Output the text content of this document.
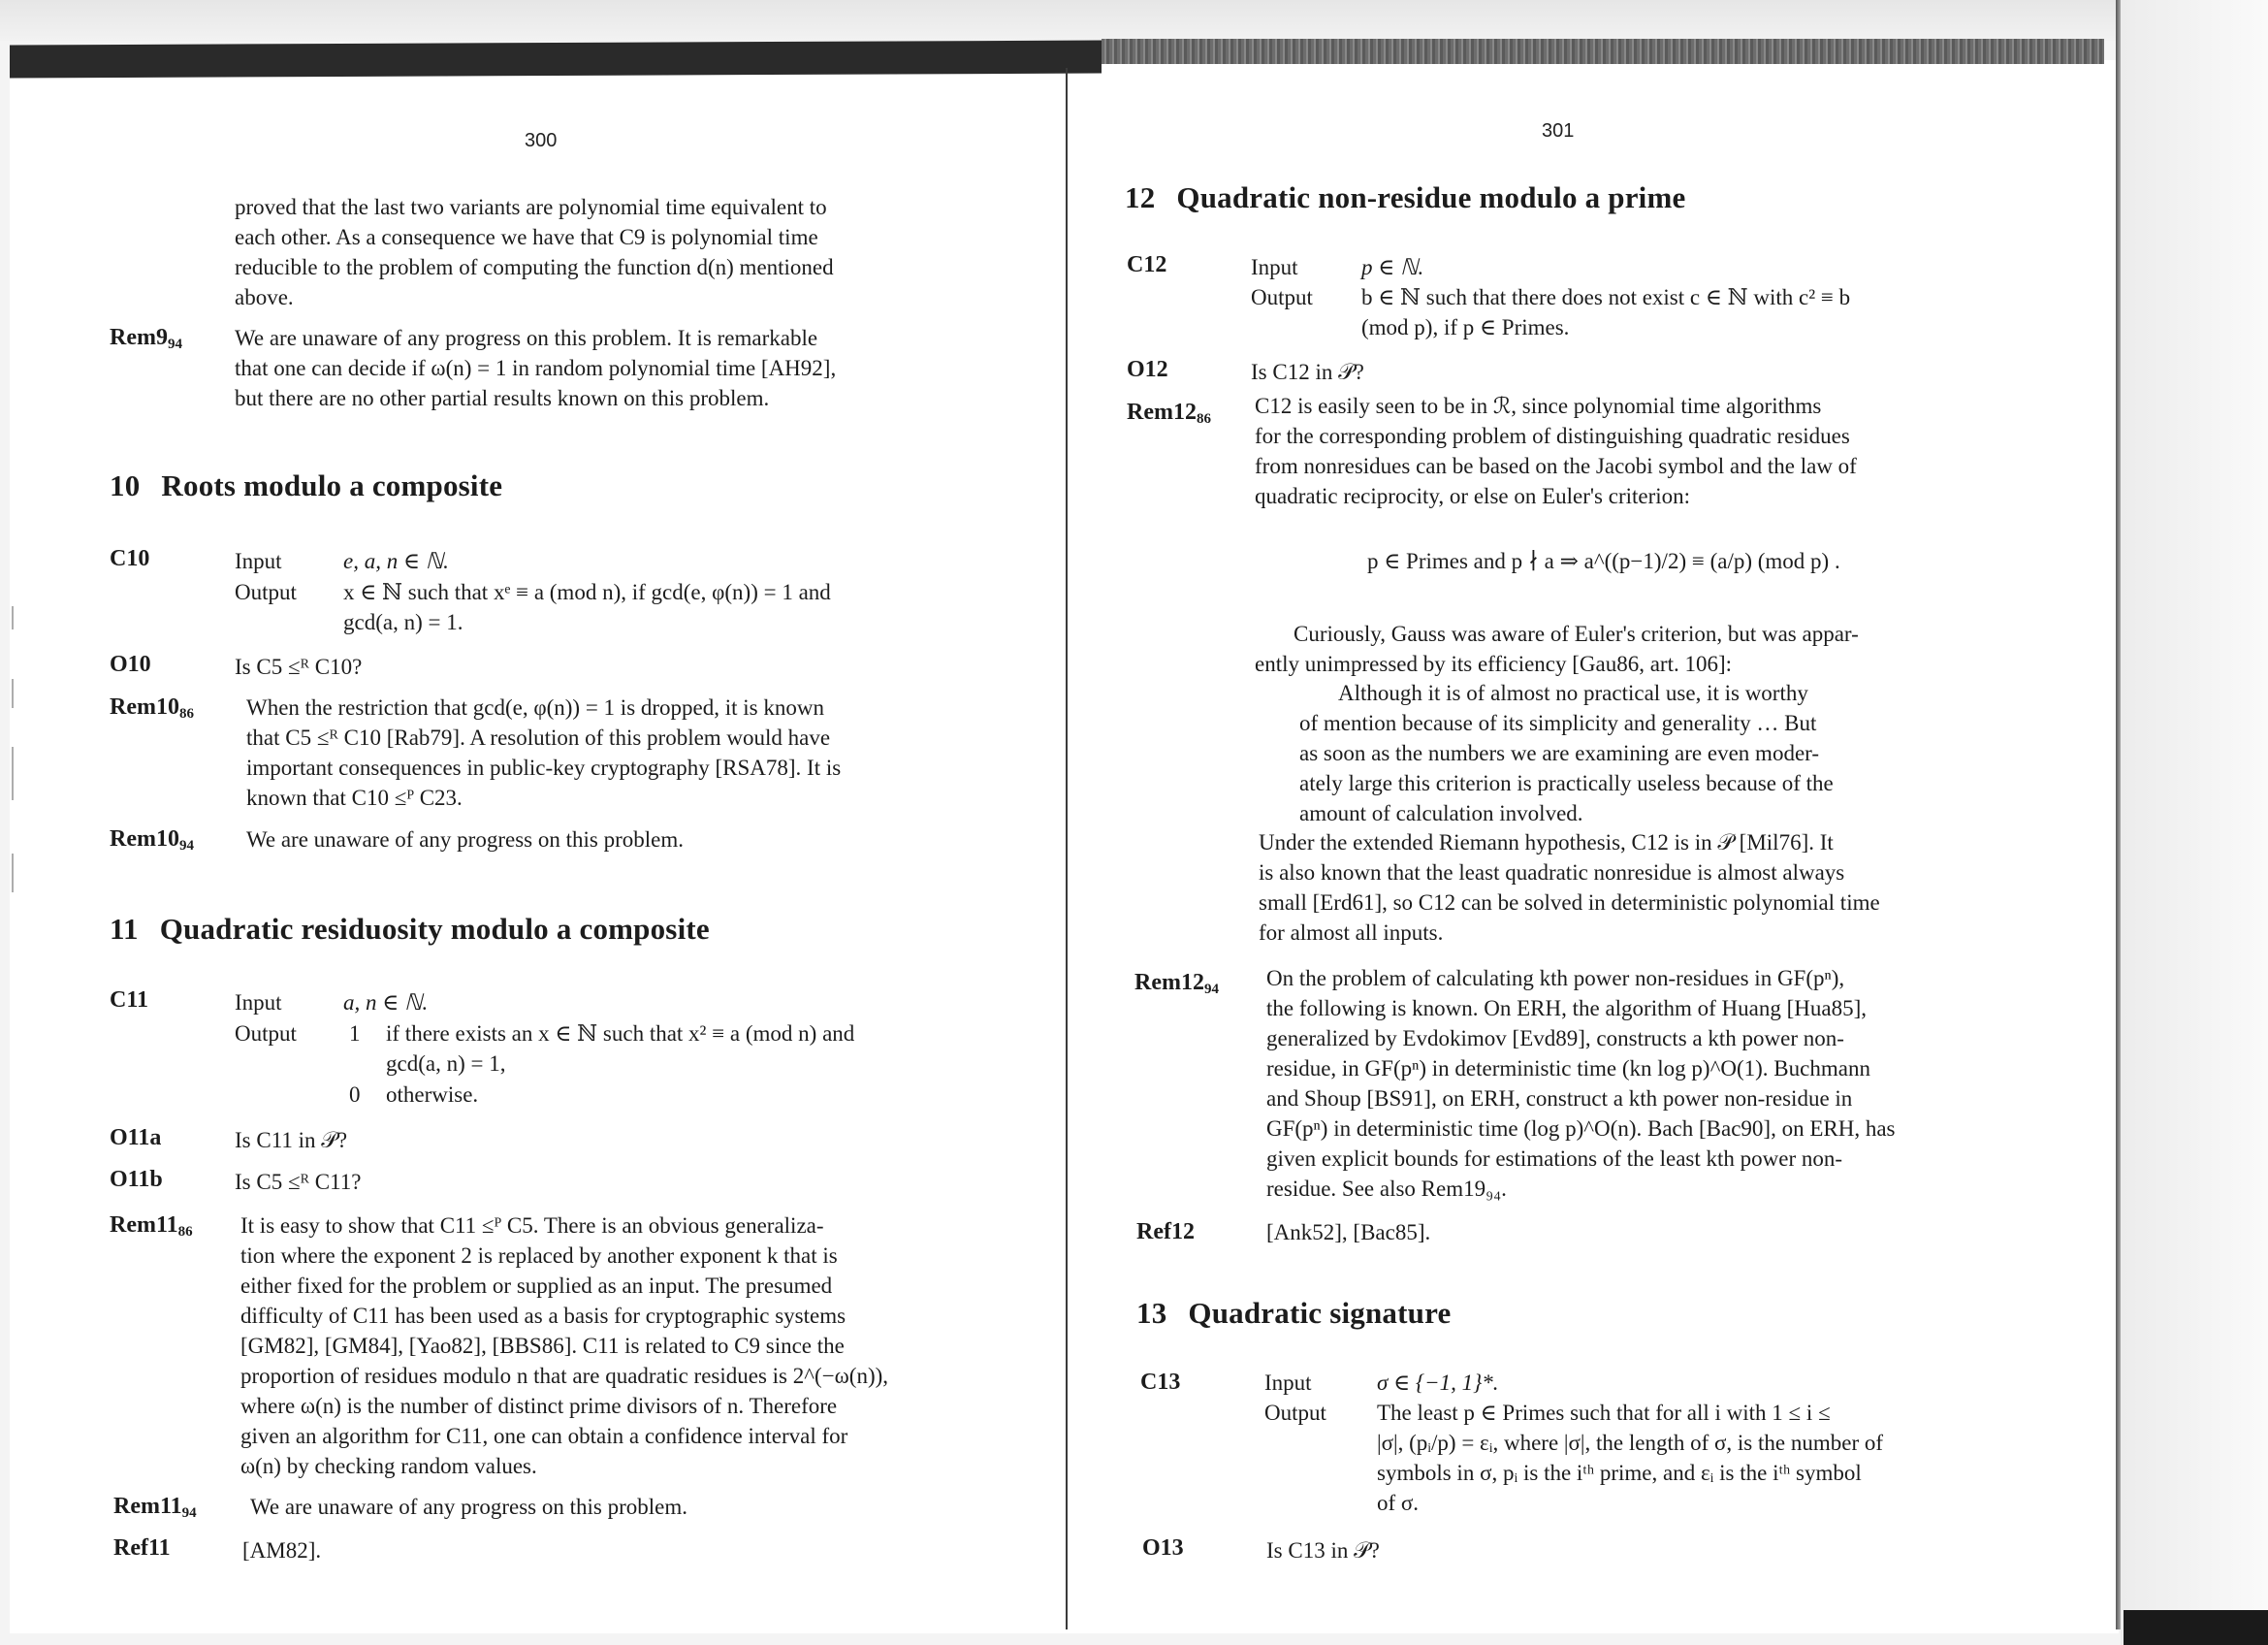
300
proved that the last two variants are polynomial time equivalent to
each other. As a consequence we have that C9 is polynomial time
reducible to the problem of computing the function d(n) mentioned
above.
$Rem9_{94}$ We are unaware of any progress on this problem. It is remarkable
that one can decide if ω(n) = 1 in random polynomial time [AH92],
but there are no other partial results known on this problem.
10 Roots modulo a composite
C10	Input	e, a, n ∈ ℕ.
Output x ∈ ℕ such that xᵉ ≡ a (mod n), if gcd(e, φ(n)) = 1 and
gcd(a, n) = 1.
O10	Is C5 ≤ᴿ C10?
$Rem10_{86}$ When the restriction that gcd(e, φ(n)) = 1 is dropped, it is known
that C5 ≤ᴿ C10 [Rab79]. A resolution of this problem would have
important consequences in public-key cryptography [RSA78]. It is
known that C10 ≤ᴾ C23.
$Rem10_{94}$ We are unaware of any progress on this problem.
11 Quadratic residuosity modulo a composite
C11	Input	a, n ∈ ℕ.
Output 1 if there exists an x ∈ ℕ such that x² ≡ a (mod n) and
gcd(a, n) = 1,
0 otherwise.
O11a	Is C11 in 𝒫?
O11b	Is C5 ≤ᴿ C11?
$Rem11_{86}$ It is easy to show that C11 ≤ᴾ C5. There is an obvious generaliza-
tion where the exponent 2 is replaced by another exponent k that is
either fixed for the problem or supplied as an input. The presumed
difficulty of C11 has been used as a basis for cryptographic systems
[GM82], [GM84], [Yao82], [BBS86]. C11 is related to C9 since the
proportion of residues modulo n that are quadratic residues is 2^(−ω(n)),
where ω(n) is the number of distinct prime divisors of n. Therefore
given an algorithm for C11, one can obtain a confidence interval for
ω(n) by checking random values.
$Rem11_{94}$ We are unaware of any progress on this problem.
Ref11	[AM82].
301
12 Quadratic non-residue modulo a prime
C12	Input	p ∈ ℕ.
Output b ∈ ℕ such that there does not exist c ∈ ℕ with c² ≡ b
(mod p), if p ∈ Primes.
O12	Is C12 in 𝒫?
$Rem12_{86}$
C12 is easily seen to be in ℛ, since polynomial time algorithms
for the corresponding problem of distinguishing quadratic residues
from nonresidues can be based on the Jacobi symbol and the law of
quadratic reciprocity, or else on Euler's criterion:
p ∈ Primes and p ∤ a ⇒ a^((p−1)/2) ≡ (a/p) (mod p) .
Curiously, Gauss was aware of Euler's criterion, but was appar-
ently unimpressed by its efficiency [Gau86, art. 106]:
Although it is of almost no practical use, it is worthy
of mention because of its simplicity and generality … But
as soon as the numbers we are examining are even moder-
ately large this criterion is practically useless because of the
amount of calculation involved.
Under the extended Riemann hypothesis, C12 is in 𝒫 [Mil76]. It
is also known that the least quadratic nonresidue is almost always
small [Erd61], so C12 can be solved in deterministic polynomial time
for almost all inputs.
$Rem12_{94}$ On the problem of calculating kth power non-residues in GF(pⁿ),
the following is known. On ERH, the algorithm of Huang [Hua85],
generalized by Evdokimov [Evd89], constructs a kth power non-
residue, in GF(pⁿ) in deterministic time (kn log p)^O(1). Buchmann
and Shoup [BS91], on ERH, construct a kth power non-residue in
GF(pⁿ) in deterministic time (log p)^O(n). Bach [Bac90], on ERH, has
given explicit bounds for estimations of the least kth power non-
residue. See also Rem19₉₄.
Ref12	[Ank52], [Bac85].
13 Quadratic signature
C13	Input	σ ∈ {−1, 1}*.
Output The least p ∈ Primes such that for all i with 1 ≤ i ≤
|σ|, (pᵢ/p) = εᵢ, where |σ|, the length of σ, is the number of
symbols in σ, pᵢ is the iᵗʰ prime, and εᵢ is the iᵗʰ symbol
of σ.
O13	Is C13 in 𝒫?
